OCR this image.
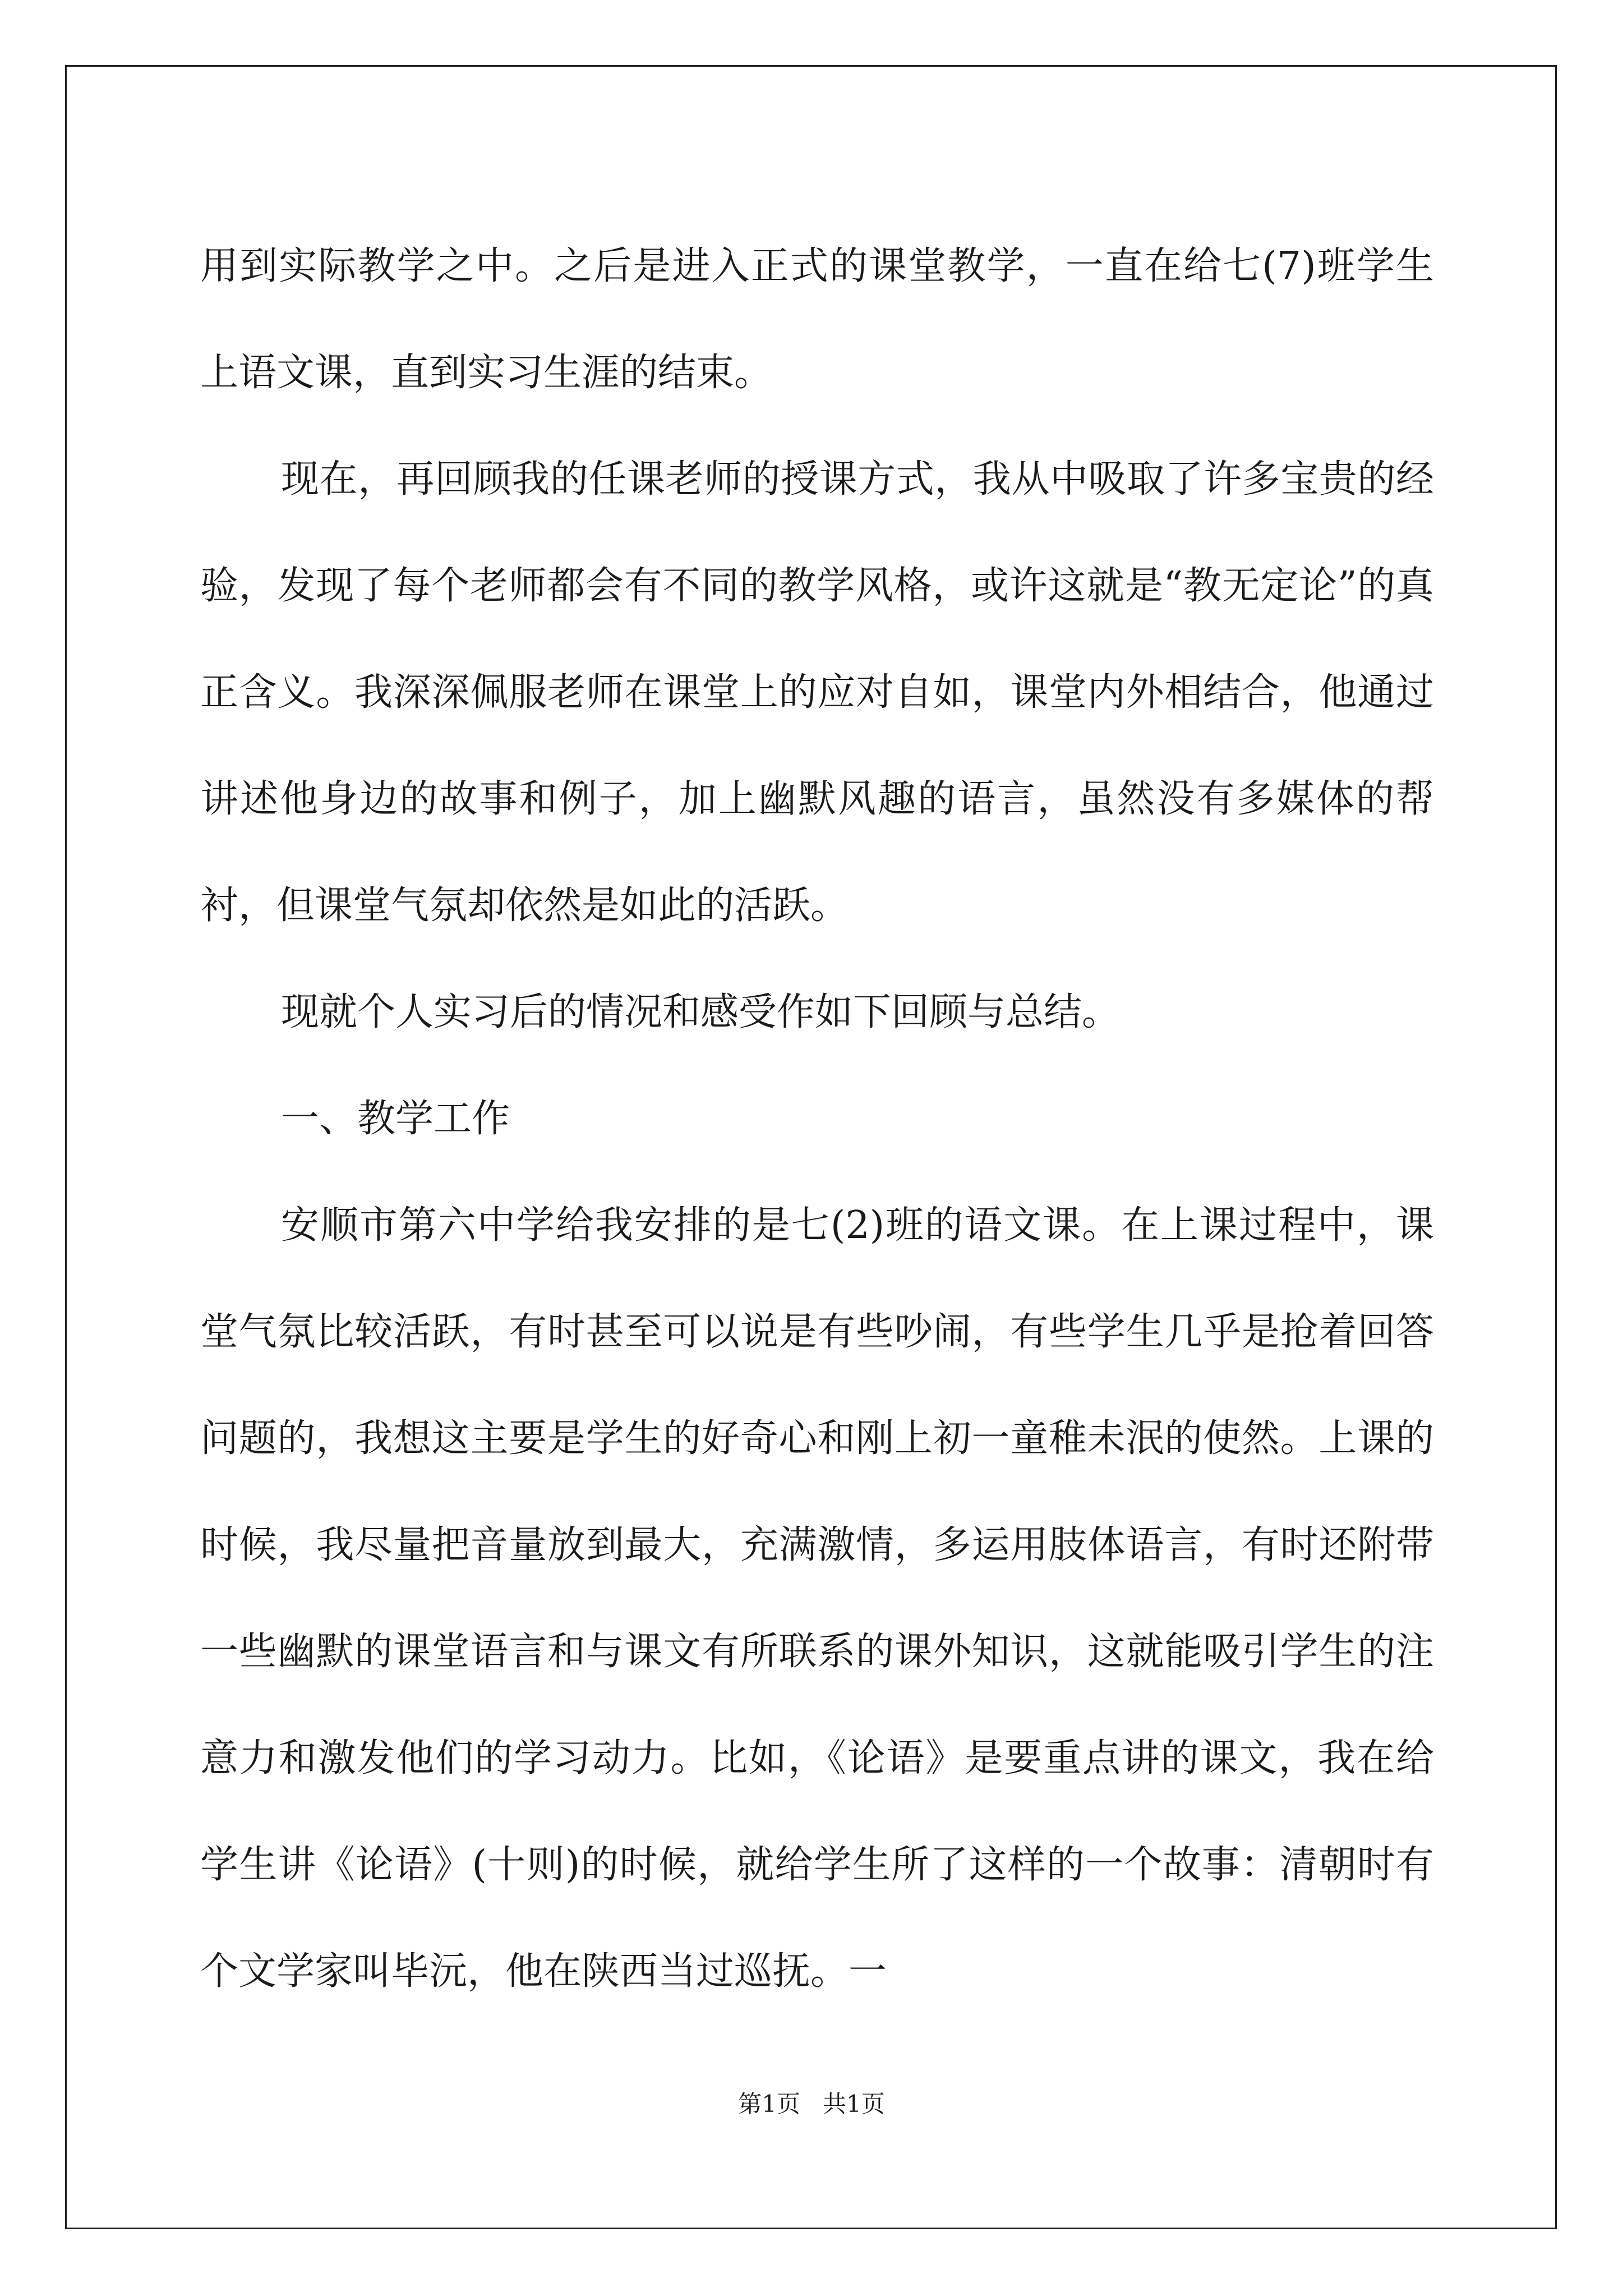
用到实际教学之中。之后是进入正式的课堂教学，一直在给七(7)班学生上语文课，直到实习生涯的结束。

现在，再回顾我的任课老师的授课方式，我从中吸取了许多宝贵的经验，发现了每个老师都会有不同的教学风格，或许这就是“教无定论”的真正含义。我深深佩服老师在课堂上的应对自如，课堂内外相结合，他通过讲述他身边的故事和例子，加上幽默风趣的语言，虽然没有多媒体的帮衬，但课堂气氛却依然是如此的活跃。

现就个人实习后的情况和感受作如下回顾与总结。

一、教学工作

安顺市第六中学给我安排的是七(2)班的语文课。在上课过程中，课堂气氛比较活跃，有时甚至可以说是有些吵闹，有些学生几乎是抢着回答问题的，我想这主要是学生的好奇心和刚上初一童稚未泯的使然。上课的时候，我尽量把音量放到最大，充满激情，多运用肢体语言，有时还附带一些幽默的课堂语言和与课文有所联系的课外知识，这就能吸引学生的注意力和激发他们的学习动力。比如，《论语》是要重点讲的课文，我在给学生讲《论语》(十则)的时候，就给学生所了这样的一个故事：清朝时有个文学家叫毕沅，他在陕西当过巡抚。一

第1页   共1页
